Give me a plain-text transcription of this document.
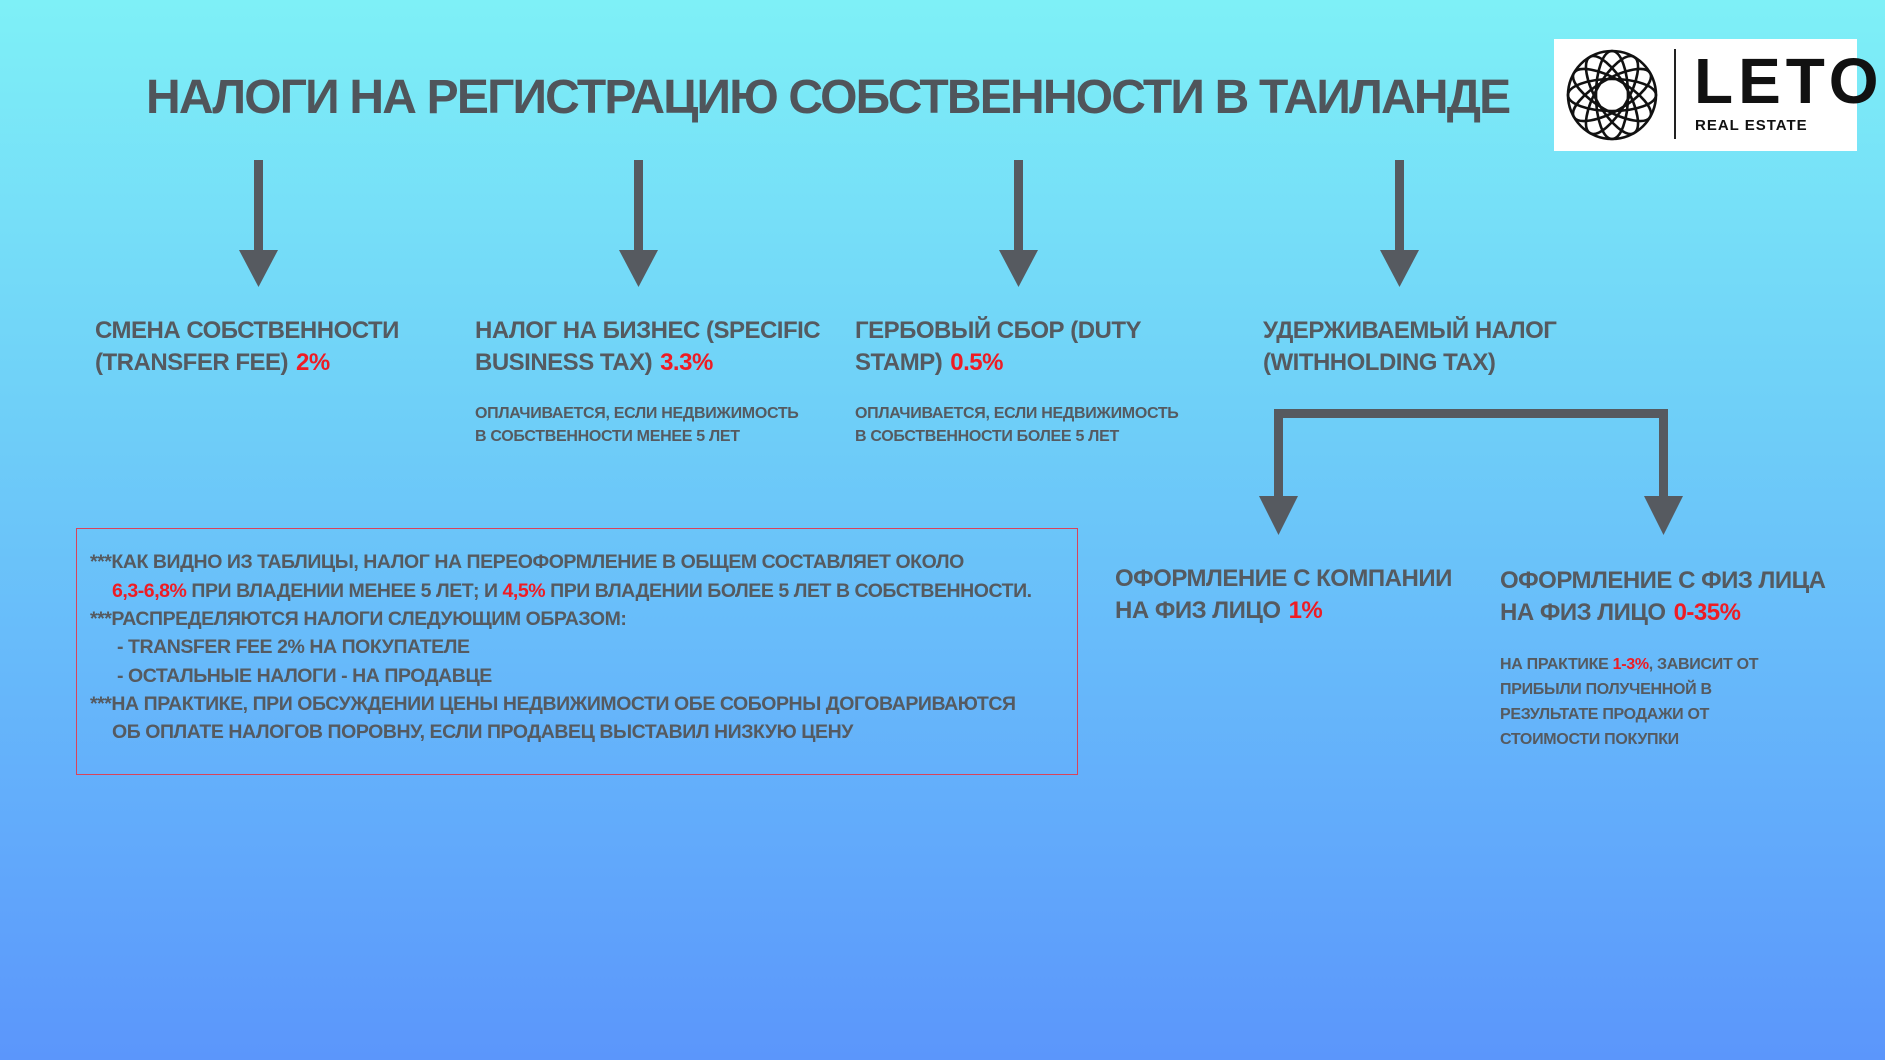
НАЛОГИ НА РЕГИСТРАЦИЮ СОБСТВЕННОСТИ В ТАИЛАНДЕ	LETO
REAL ESTATE
СМЕНА СОБСТВЕННОСТИ
(TRANSFER FEE) 2%
НАЛОГ НА БИЗНЕС (SPECIFIC
BUSINESS TAX) 3.3%
ОПЛАЧИВАЕТСЯ, ЕСЛИ НЕДВИЖИМОСТЬ
В СОБСТВЕННОСТИ МЕНЕЕ 5 ЛЕТ
ГЕРБОВЫЙ СБОР (DUTY
STAMP) 0.5%
ОПЛАЧИВАЕТСЯ, ЕСЛИ НЕДВИЖИМОСТЬ
В СОБСТВЕННОСТИ БОЛЕЕ 5 ЛЕТ
УДЕРЖИВАЕМЫЙ НАЛОГ
(WITHHOLDING TAX)
ОФОРМЛЕНИЕ С КОМПАНИИ
НА ФИЗ ЛИЦО 1%
ОФОРМЛЕНИЕ С ФИЗ ЛИЦА
НА ФИЗ ЛИЦО 0-35%
НА ПРАКТИКЕ 1-3%, ЗАВИСИТ ОТ
ПРИБЫЛИ ПОЛУЧЕННОЙ В
РЕЗУЛЬТАТЕ ПРОДАЖИ ОТ
СТОИМОСТИ ПОКУПКИ
***КАК ВИДНО ИЗ ТАБЛИЦЫ, НАЛОГ НА ПЕРЕОФОРМЛЕНИЕ В ОБЩЕМ СОСТАВЛЯЕТ ОКОЛО
6,3-6,8% ПРИ ВЛАДЕНИИ МЕНЕЕ 5 ЛЕТ; И 4,5% ПРИ ВЛАДЕНИИ БОЛЕЕ 5 ЛЕТ В СОБСТВЕННОСТИ.
***РАСПРЕДЕЛЯЮТСЯ НАЛОГИ СЛЕДУЮЩИМ ОБРАЗОМ:
- TRANSFER FEE 2% НА ПОКУПАТЕЛЕ
- ОСТАЛЬНЫЕ НАЛОГИ - НА ПРОДАВЦЕ
***НА ПРАКТИКЕ, ПРИ ОБСУЖДЕНИИ ЦЕНЫ НЕДВИЖИМОСТИ ОБЕ СОБОРНЫ ДОГОВАРИВАЮТСЯ
ОБ ОПЛАТЕ НАЛОГОВ ПОРОВНУ, ЕСЛИ ПРОДАВЕЦ ВЫСТАВИЛ НИЗКУЮ ЦЕНУ
